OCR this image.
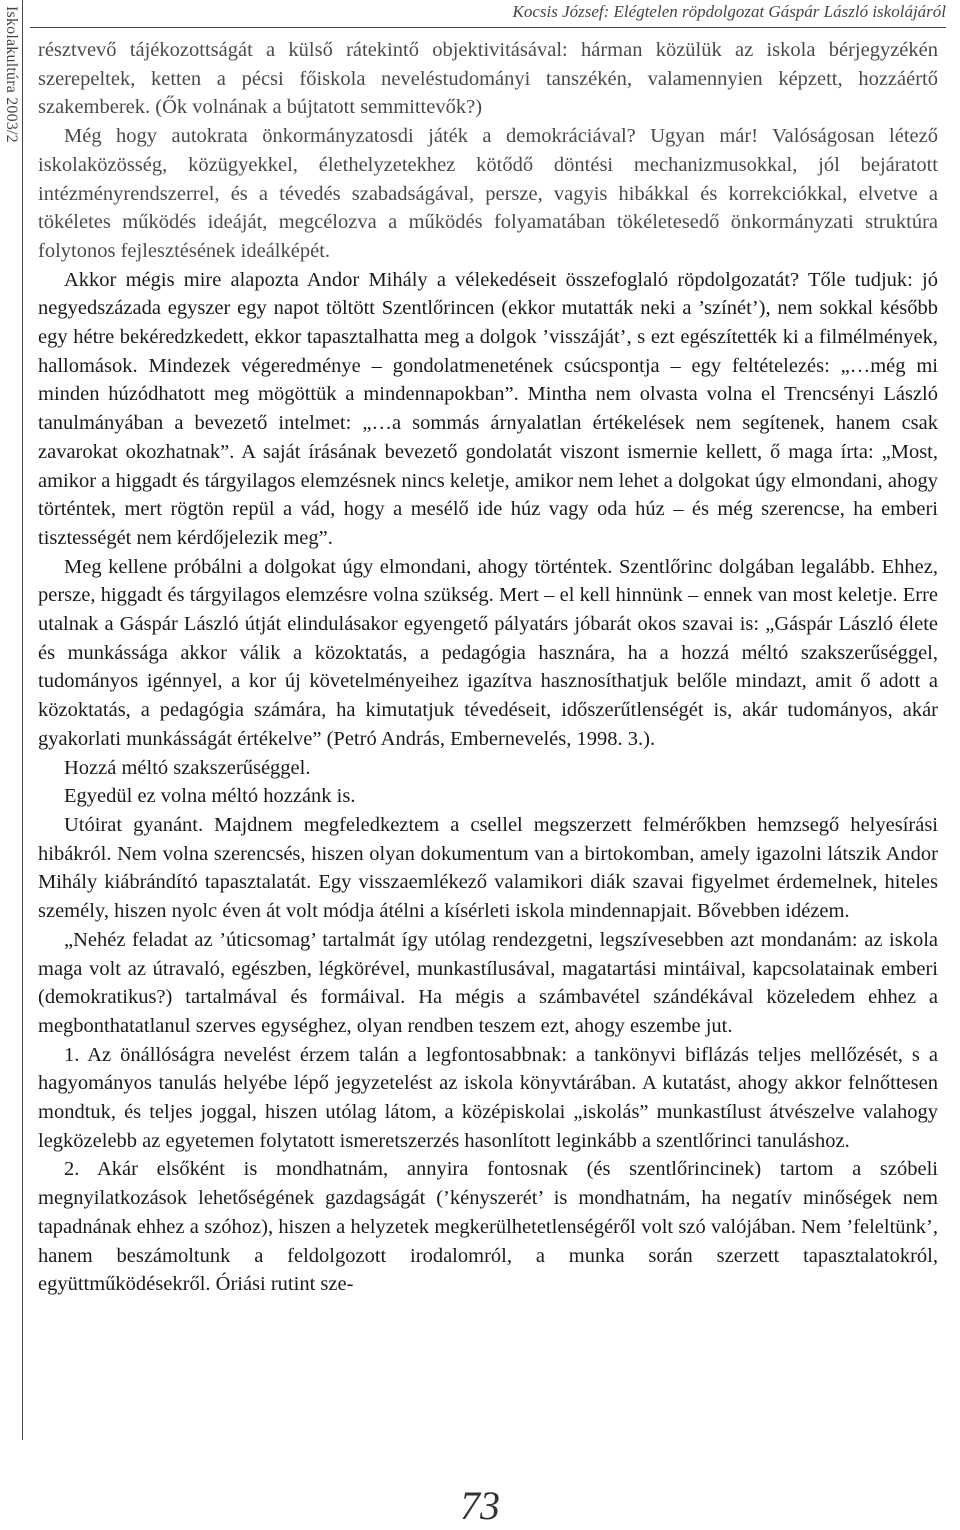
Iskolakultúra 2003/2	Kocsis József: Elégtelen röpdolgozat Gáspár László iskolájáról

résztvevő tájékozottságát a külső rátekintő objektivitásával: hárman közülük az iskola bérjegyzékén szerepeltek, ketten a pécsi főiskola neveléstudományi tanszékén, valamennyien képzett, hozzáértő szakemberek. (Ők volnának a bújtatott semmittevők?)

Még hogy autokrata önkormányzatosdi játék a demokráciával? Ugyan már! Valóságosan létező iskolaközösség, közügyekkel, élethelyzetekhez kötődő döntési mechanizmusokkal, jól bejáratott intézményrendszerrel, és a tévedés szabadságával, persze, vagyis hibákkal és korrekciókkal, elvetve a tökéletes működés ideáját, megcélozva a működés folyamatában tökéletesedő önkormányzati struktúra folytonos fejlesztésének ideálképét.

Akkor mégis mire alapozta Andor Mihály a vélekedéseit összefoglaló röpdolgozatát? Tőle tudjuk: jó negyedszázada egyszer egy napot töltött Szentlőrincen (ekkor mutatták neki a ’színét’), nem sokkal később egy hétre bekéredzkedett, ekkor tapasztalhatta meg a dolgok ’visszáját’, s ezt egészítették ki a filmélmények, hallomások. Mindezek végeredménye – gondolatmenetének csúcspontja – egy feltételezés: „…még mi minden húzódhatott meg mögöttük a mindennapokban”. Mintha nem olvasta volna el Trencsényi László tanulmányában a bevezető intelmet: „…a sommás árnyalatlan értékelések nem segítenek, hanem csak zavarokat okozhatnak”. A saját írásának bevezető gondolatát viszont ismernie kellett, ő maga írta: „Most, amikor a higgadt és tárgyilagos elemzésnek nincs keletje, amikor nem lehet a dolgokat úgy elmondani, ahogy történtek, mert rögtön repül a vád, hogy a mesélő ide húz vagy oda húz – és még szerencse, ha emberi tisztességét nem kérdőjelezik meg”.

Meg kellene próbálni a dolgokat úgy elmondani, ahogy történtek. Szentlőrinc dolgában legalább. Ehhez, persze, higgadt és tárgyilagos elemzésre volna szükség. Mert – el kell hinnünk – ennek van most keletje. Erre utalnak a Gáspár László útját elindulásakor egyengető pályatárs jóbarát okos szavai is: „Gáspár László élete és munkássága akkor válik a közoktatás, a pedagógia hasznára, ha a hozzá méltó szakszerűséggel, tudományos igénnyel, a kor új követelményeihez igazítva hasznosíthatjuk belőle mindazt, amit ő adott a közoktatás, a pedagógia számára, ha kimutatjuk tévedéseit, időszerűtlenségét is, akár tudományos, akár gyakorlati munkásságát értékelve” (Petró András, Embernevelés, 1998. 3.).

Hozzá méltó szakszerűséggel.

Egyedül ez volna méltó hozzánk is.

Utóirat gyanánt. Majdnem megfeledkeztem a csellel megszerzett felmérőkben hemzsegő helyesírási hibákról. Nem volna szerencsés, hiszen olyan dokumentum van a birtokomban, amely igazolni látszik Andor Mihály kiábrándító tapasztalatát. Egy visszaemlékező valamikori diák szavai figyelmet érdemelnek, hiteles személy, hiszen nyolc éven át volt módja átélni a kísérleti iskola mindennapjait. Bővebben idézem.

„Nehéz feladat az ’úticsomag’ tartalmát így utólag rendezgetni, legszívesebben azt mondanám: az iskola maga volt az útravaló, egészben, légkörével, munkastílusával, magatartási mintáival, kapcsolatainak emberi (demokratikus?) tartalmával és formáival. Ha mégis a számbavétel szándékával közeledem ehhez a megbonthatatlanul szerves egységhez, olyan rendben teszem ezt, ahogy eszembe jut.

1. Az önállóságra nevelést érzem talán a legfontosabbnak: a tankönyvi biflázás teljes mellőzését, s a hagyományos tanulás helyébe lépő jegyzetelést az iskola könyvtárában. A kutatást, ahogy akkor felnőttesen mondtuk, és teljes joggal, hiszen utólag látom, a középiskolai „iskolás” munkastílust átvészelve valahogy legközelebb az egyetemen folytatott ismeretszerzés hasonlított leginkább a szentlőrinci tanuláshoz.

2. Akár elsőként is mondhatnám, annyira fontosnak (és szentlőrincinek) tartom a szóbeli megnyilatkozások lehetőségének gazdagságát (’kényszerét’ is mondhatnám, ha negatív minőségek nem tapadnának ehhez a szóhoz), hiszen a helyzetek megkerülhetetlenségéről volt szó valójában. Nem ’feleltünk’, hanem beszámoltunk a feldolgozott irodalomról, a munka során szerzett tapasztalatokról, együttműködésekről. Óriási rutint sze-

73
